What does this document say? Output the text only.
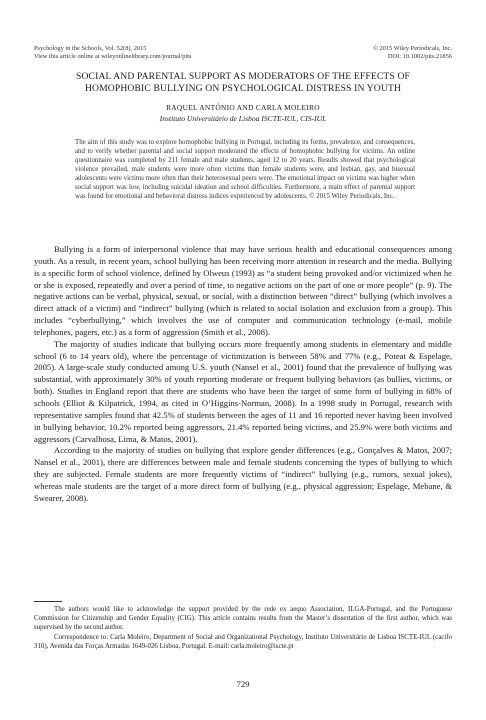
Psychology in the Schools, Vol. 52(8), 2015
View this article online at wileyonlinelibrary.com/journal/pits
© 2015 Wiley Periodicals, Inc.
DOI: 10.1002/pits.21856
SOCIAL AND PARENTAL SUPPORT AS MODERATORS OF THE EFFECTS OF
HOMOPHOBIC BULLYING ON PSYCHOLOGICAL DISTRESS IN YOUTH
RAQUEL ANTÓNIO AND CARLA MOLEIRO
Instituto Universitário de Lisboa ISCTE-IUL, CIS-IUL
The aim of this study was to explore homophobic bullying in Portugal, including its forms, prevalence, and consequences, and to verify whether parental and social support moderated the effects of homophobic bullying for victims. An online questionnaire was completed by 211 female and male students, aged 12 to 20 years. Results showed that psychological violence prevailed, male students were more often victims than female students were, and lesbian, gay, and bisexual adolescents were victims more often than their heterosexual peers were. The emotional impact on victims was higher when social support was low, including suicidal ideation and school difficulties. Furthermore, a main effect of parental support was found for emotional and behavioral distress indices experienced by adolescents. © 2015 Wiley Periodicals, Inc.

Bullying is a form of interpersonal violence that may have serious health and educational consequences among youth. As a result, in recent years, school bullying has been receiving more attention in research and the media. Bullying is a specific form of school violence, defined by Olweus (1993) as “a student being provoked and/or victimized when he or she is exposed, repeatedly and over a period of time, to negative actions on the part of one or more people” (p. 9). The negative actions can be verbal, physical, sexual, or social, with a distinction between “direct” bullying (which involves a direct attack of a victim) and “indirect” bullying (which is related to social isolation and exclusion from a group). This includes “cyberbullying,” which involves the use of computer and communication technology (e-mail, mobile telephones, pagers, etc.) as a form of aggression (Smith et al., 2008).

The majority of studies indicate that bullying occurs more frequently among students in elementary and middle school (6 to 14 years old), where the percentage of victimization is between 58% and 77% (e.g., Poteat & Espelage, 2005). A large-scale study conducted among U.S. youth (Nansel et al., 2001) found that the prevalence of bullying was substantial, with approximately 30% of youth reporting moderate or frequent bullying behaviors (as bullies, victims, or both). Studies in England report that there are students who have been the target of some form of bullying in 68% of schools (Elliot & Kilpatrick, 1994, as cited in O’Higgins-Norman, 2008). In a 1998 study in Portugal, research with representative samples found that 42.5% of students between the ages of 11 and 16 reported never having been involved in bullying behavior, 10.2% reported being aggressors, 21.4% reported being victims, and 25.9% were both victims and aggressors (Carvalhosa, Lima, & Matos, 2001).

According to the majority of studies on bullying that explore gender differences (e.g., Gonçalves & Matos, 2007; Nansel et al., 2001), there are differences between male and female students concerning the types of bullying to which they are subjected. Female students are more frequently victims of “indirect” bullying (e.g., rumors, sexual jokes), whereas male students are the target of a more direct form of bullying (e.g., physical aggression; Espelage, Mebane, & Swearer, 2008).

The authors would like to acknowledge the support provided by the rede ex aequo Association, ILGA-Portugal, and the Portuguese Commission for Citizenship and Gender Equality (CIG). This article contains results from the Master’s dissertation of the first author, which was supervised by the second author.

Correspondence to: Carla Moleiro, Department of Social and Organizational Psychology, Instituto Universitário de Lisboa ISCTE-IUL (cacifo 310), Avenida das Forças Armadas 1649-026 Lisboa, Portugal. E-mail: carla.moleiro@iscte.pt

729
